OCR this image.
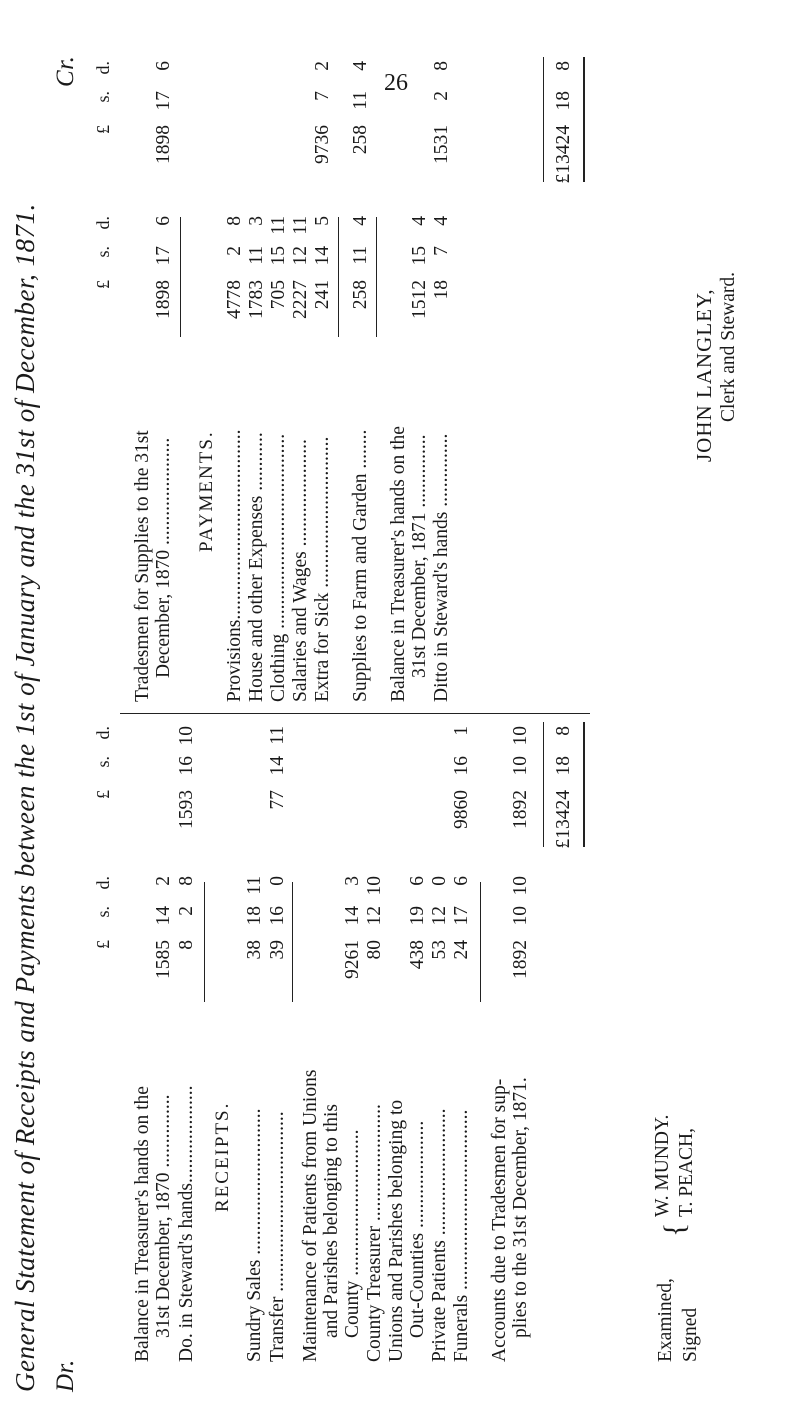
26
General Statement of Receipts and Payments between the 1st of January and the 31st of December, 1871. Dr.
Cr.
£
s.
d.
£
s.
d.
Balance in Treasurer's hands on the 31st December, 1870 ...............
1585
14
2
Do. in Steward's hands....................
8
2
8
1593
16
10
RECEIPTS. Sundry Sales ..............................
38
18
11
Transfer .....................................
39
16
0
77
14
11
Maintenance of Patients from Unions and Parishes belonging to this County ..............................
9261
14
3
County Treasurer ........................
80
12
10
Unions and Parishes belonging to Out-Counties ......................
438
19
6
Private Patients ..........................
53
12
0
Funerals .....................................
24
17
6
9860
16
1
Accounts due to Tradesmen for sup- plies to the 31st December, 1871.
1892
10
10
1892
10
10
£13424
18
8
£
s.
d.
£
s.
d.
Tradesmen for Supplies to the 31st December, 1870 ......................
1898
17
6
1898
17
6
PAYMENTS. Provisions.......................................
4778
2
8
House and other Expenses ............
1783
11
3
Clothing ........................................
705
15
11
Salaries and Wages ......................
2227
12
11
Extra for Sick ...............................
241
14
5
9736
7
2
Supplies to Farm and Garden ........
258
11
4
258
11
4
Balance in Treasurer's hands on the 31st December, 1871 ...............
1512
15
4
Ditto in Steward's hands ...............
18
7
4
1531
2
8
£13424
18
8
Examined, Signed
{
W. MUNDY. T. PEACH,
JOHN LANGLEY, Clerk and Steward.
